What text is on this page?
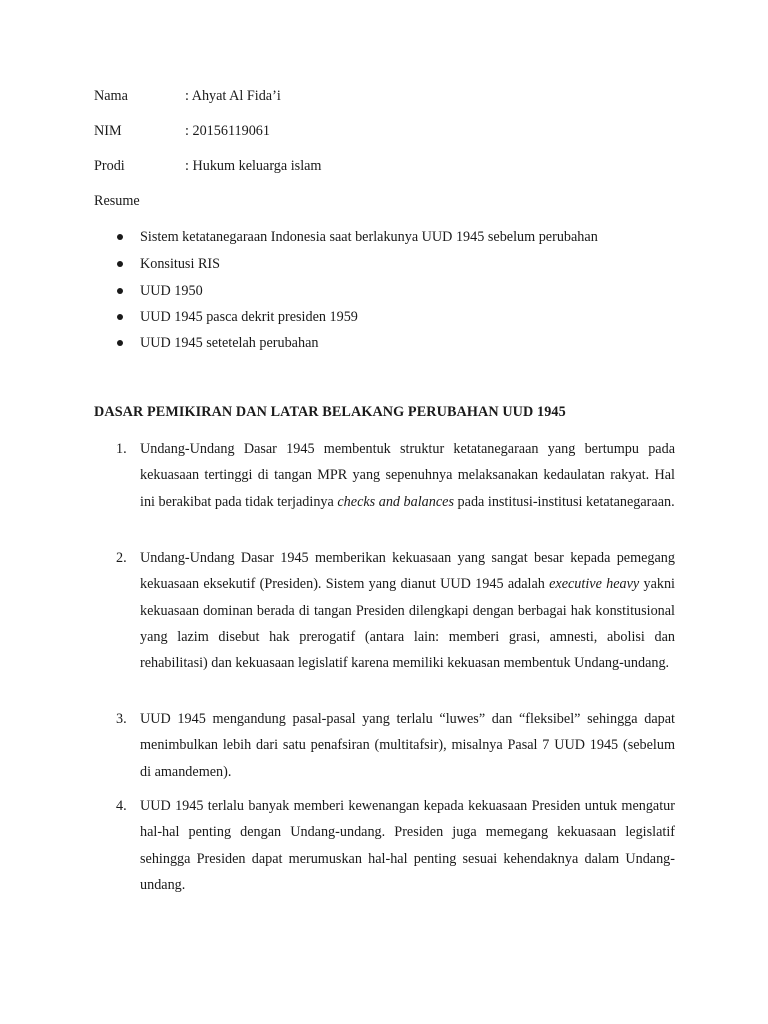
Nama	: Ahyat Al Fida’i
NIM	: 20156119061
Prodi	: Hukum keluarga islam
Resume
Sistem ketatanegaraan Indonesia saat berlakunya UUD 1945 sebelum perubahan
Konsitusi RIS
UUD 1950
UUD 1945 pasca dekrit presiden 1959
UUD 1945 setetelah perubahan
DASAR PEMIKIRAN DAN LATAR BELAKANG PERUBAHAN UUD 1945
1. Undang-Undang Dasar 1945 membentuk struktur ketatanegaraan yang bertumpu pada kekuasaan tertinggi di tangan MPR yang sepenuhnya melaksanakan kedaulatan rakyat. Hal ini berakibat pada tidak terjadinya checks and balances pada institusi-institusi ketatanegaraan.

2. Undang-Undang Dasar 1945 memberikan kekuasaan yang sangat besar kepada pemegang kekuasaan eksekutif (Presiden). Sistem yang dianut UUD 1945 adalah executive heavy yakni kekuasaan dominan berada di tangan Presiden dilengkapi dengan berbagai hak konstitusional yang lazim disebut hak prerogatif (antara lain: memberi grasi, amnesti, abolisi dan rehabilitasi) dan kekuasaan legislatif karena memiliki kekuasan membentuk Undang-undang.

3. UUD 1945 mengandung pasal-pasal yang terlalu “luwes” dan “fleksibel” sehingga dapat menimbulkan lebih dari satu penafsiran (multitafsir), misalnya Pasal 7 UUD 1945 (sebelum di amandemen).

4. UUD 1945 terlalu banyak memberi kewenangan kepada kekuasaan Presiden untuk mengatur hal-hal penting dengan Undang-undang. Presiden juga memegang kekuasaan legislatif sehingga Presiden dapat merumuskan hal-hal penting sesuai kehendaknya dalam Undang-undang.
